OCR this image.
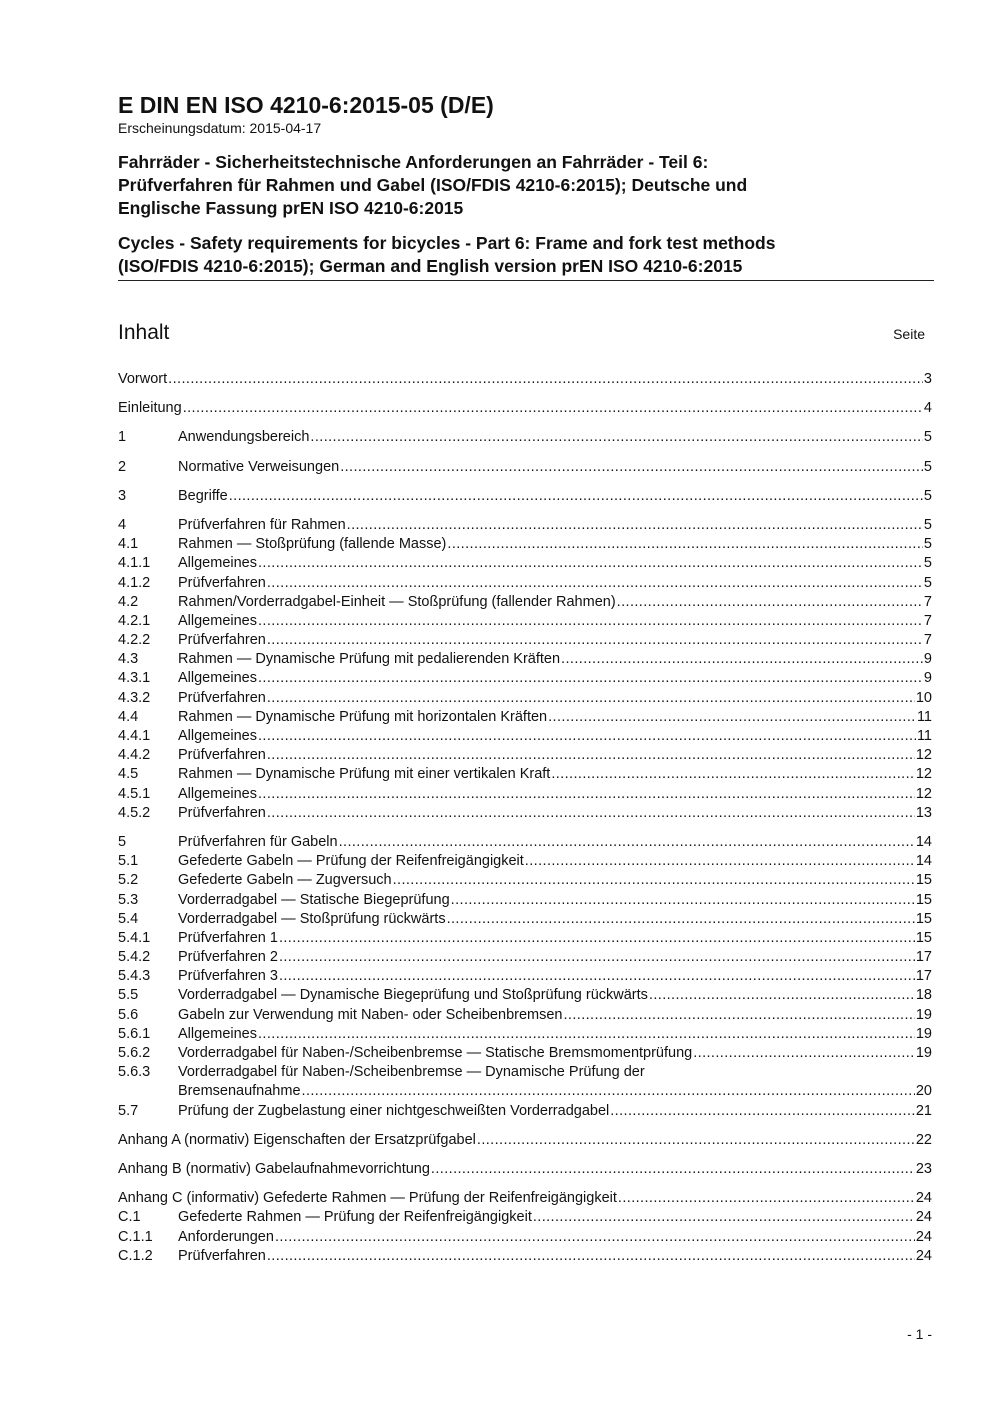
E DIN EN ISO 4210-6:2015-05 (D/E)
Erscheinungsdatum: 2015-04-17
Fahrräder - Sicherheitstechnische Anforderungen an Fahrräder - Teil 6:
Prüfverfahren für Rahmen und Gabel (ISO/FDIS 4210-6:2015); Deutsche und
Englische Fassung prEN ISO 4210-6:2015
Cycles - Safety requirements for bicycles - Part 6: Frame and fork test methods
(ISO/FDIS 4210-6:2015); German and English version prEN ISO 4210-6:2015
Inhalt	Seite
Vorwort .....	3
Einleitung .....	4
1	Anwendungsbereich .....	5
2	Normative Verweisungen .....	5
3	Begriffe .....	5
4	Prüfverfahren für Rahmen .....	5
4.1	Rahmen — Stoßprüfung (fallende Masse) .....	5
4.1.1	Allgemeines .....	5
4.1.2	Prüfverfahren .....	5
4.2	Rahmen/Vorderradgabel-Einheit — Stoßprüfung (fallender Rahmen) .....	7
4.2.1	Allgemeines .....	7
4.2.2	Prüfverfahren .....	7
4.3	Rahmen — Dynamische Prüfung mit pedalierenden Kräften .....	9
4.3.1	Allgemeines .....	9
4.3.2	Prüfverfahren .....	10
4.4	Rahmen — Dynamische Prüfung mit horizontalen Kräften .....	11
4.4.1	Allgemeines .....	11
4.4.2	Prüfverfahren .....	12
4.5	Rahmen — Dynamische Prüfung mit einer vertikalen Kraft .....	12
4.5.1	Allgemeines .....	12
4.5.2	Prüfverfahren .....	13
5	Prüfverfahren für Gabeln .....	14
5.1	Gefederte Gabeln — Prüfung der Reifenfreigängigkeit .....	14
5.2	Gefederte Gabeln — Zugversuch .....	15
5.3	Vorderradgabel — Statische Biegeprüfung .....	15
5.4	Vorderradgabel — Stoßprüfung rückwärts .....	15
5.4.1	Prüfverfahren 1 .....	15
5.4.2	Prüfverfahren 2 .....	17
5.4.3	Prüfverfahren 3 .....	17
5.5	Vorderradgabel — Dynamische Biegeprüfung und Stoßprüfung rückwärts .....	18
5.6	Gabeln zur Verwendung mit Naben- oder Scheibenbremsen .....	19
5.6.1	Allgemeines .....	19
5.6.2	Vorderradgabel für Naben-/Scheibenbremse — Statische Bremsmomentprüfung .....	19
5.6.3	Vorderradgabel für Naben-/Scheibenbremse — Dynamische Prüfung der
Bremsenaufnahme .....	20
5.7	Prüfung der Zugbelastung einer nichtgeschweißten Vorderradgabel .....	21
Anhang A (normativ) Eigenschaften der Ersatzprüfgabel .....	22
Anhang B (normativ) Gabelaufnahmevorrichtung .....	23
Anhang C (informativ) Gefederte Rahmen — Prüfung der Reifenfreigängigkeit .....	24
C.1	Gefederte Rahmen — Prüfung der Reifenfreigängigkeit .....	24
C.1.1	Anforderungen .....	24
C.1.2	Prüfverfahren .....	24
- 1 -
